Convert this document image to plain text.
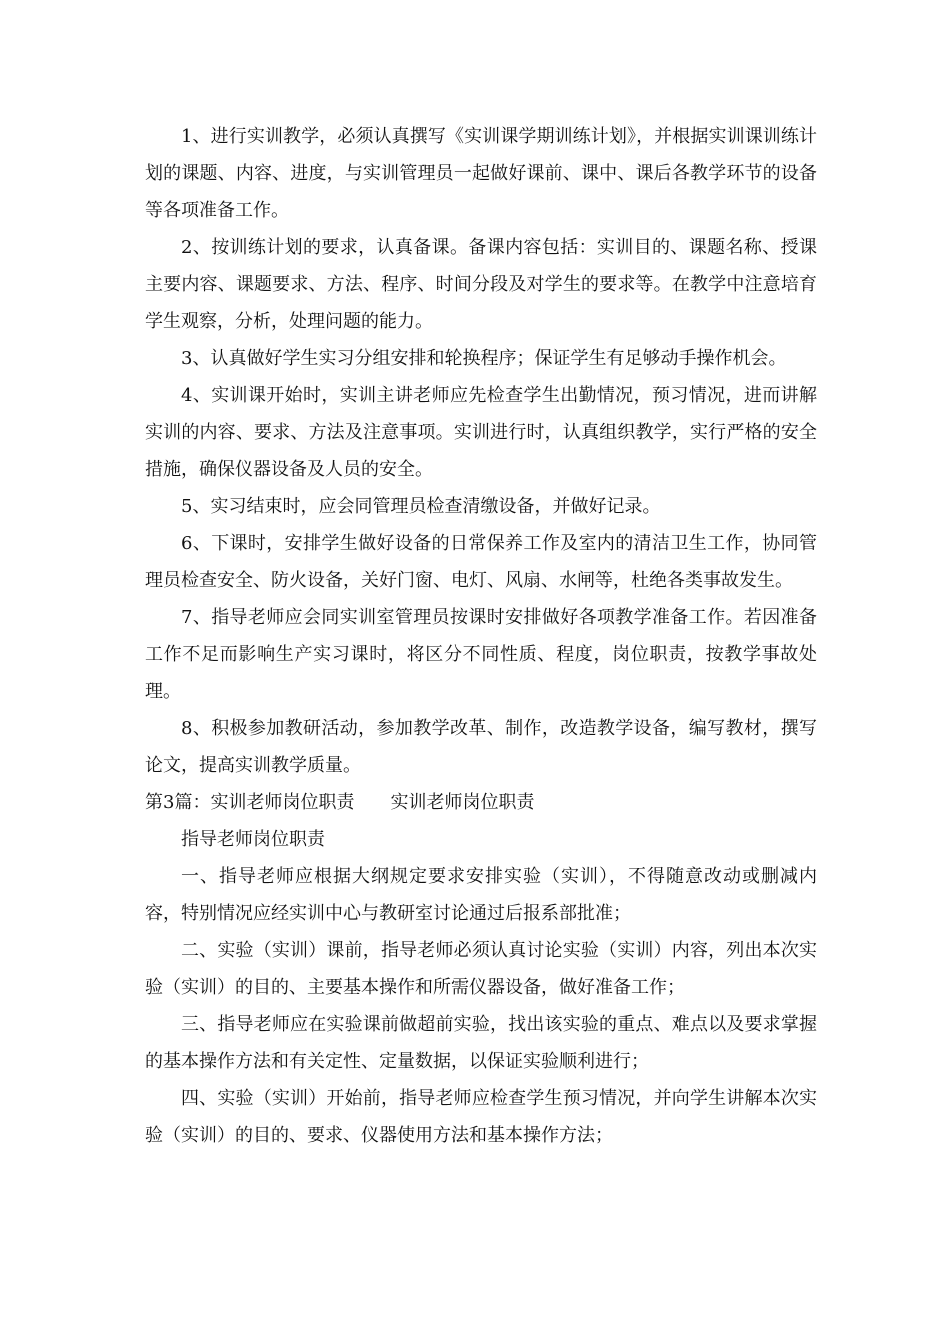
1、进行实训教学，必须认真撰写《实训课学期训练计划》，并根据实训课训练计划的课题、内容、进度，与实训管理员一起做好课前、课中、课后各教学环节的设备等各项准备工作。

2、按训练计划的要求，认真备课。备课内容包括：实训目的、课题名称、授课主要内容、课题要求、方法、程序、时间分段及对学生的要求等。在教学中注意培育学生观察，分析，处理问题的能力。

3、认真做好学生实习分组安排和轮换程序；保证学生有足够动手操作机会。

4、实训课开始时，实训主讲老师应先检查学生出勤情况，预习情况，进而讲解实训的内容、要求、方法及注意事项。实训进行时，认真组织教学，实行严格的安全措施，确保仪器设备及人员的安全。

5、实习结束时，应会同管理员检查清缴设备，并做好记录。

6、下课时，安排学生做好设备的日常保养工作及室内的清洁卫生工作，协同管理员检查安全、防火设备，关好门窗、电灯、风扇、水闸等，杜绝各类事故发生。

7、指导老师应会同实训室管理员按课时安排做好各项教学准备工作。若因准备工作不足而影响生产实习课时，将区分不同性质、程度，岗位职责，按教学事故处理。

8、积极参加教研活动，参加教学改革、制作，改造教学设备，编写教材，撰写论文，提高实训教学质量。

第3篇：实训老师岗位职责 实训老师岗位职责

指导老师岗位职责

一、指导老师应根据大纲规定要求安排实验（实训），不得随意改动或删减内容，特别情况应经实训中心与教研室讨论通过后报系部批准；

二、实验（实训）课前，指导老师必须认真讨论实验（实训）内容，列出本次实验（实训）的目的、主要基本操作和所需仪器设备，做好准备工作；

三、指导老师应在实验课前做超前实验，找出该实验的重点、难点以及要求掌握的基本操作方法和有关定性、定量数据，以保证实验顺利进行；

四、实验（实训）开始前，指导老师应检查学生预习情况，并向学生讲解本次实验（实训）的目的、要求、仪器使用方法和基本操作方法；
